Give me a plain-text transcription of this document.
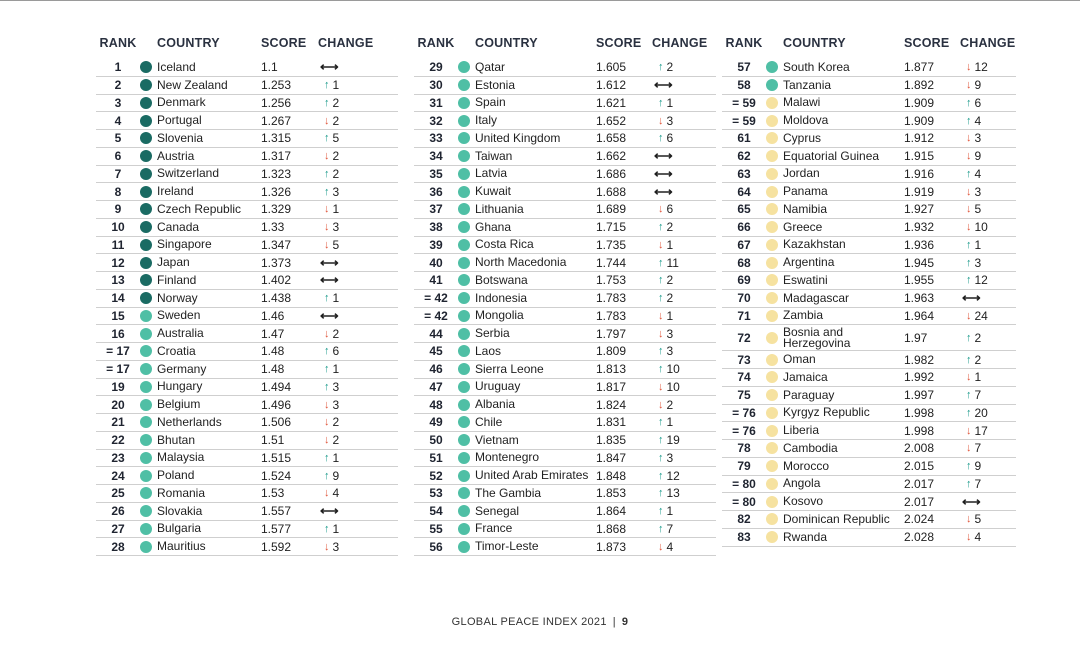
RANK	COUNTRY	SCORE CHANGE
1	Iceland	1.1	⟷
2	New Zealand	1.253	↑ 1
3	Denmark	1.256	↑ 2
4	Portugal	1.267	↓ 2
5	Slovenia	1.315	↑ 5
6	Austria	1.317	↓ 2
7	Switzerland	1.323	↑ 2
8	Ireland	1.326	↑ 3
9	Czech Republic 1.329	↓ 1
10	Canada	1.33	↓ 3
11	Singapore	1.347	↓ 5
12	Japan	1.373	⟷
13	Finland	1.402	⟷
14	Norway	1.438	↑ 1
15	Sweden	1.46	⟷
16	Australia	1.47	↓ 2
= 17	Croatia	1.48	↑ 6
= 17	Germany	1.48	↑ 1
19	Hungary	1.494	↑ 3
20	Belgium	1.496	↓ 3
21	Netherlands	1.506	↓ 2
22	Bhutan	1.51	↓ 2
23	Malaysia	1.515	↑ 1
24	Poland	1.524	↑ 9
25	Romania	1.53	↓ 4
26	Slovakia	1.557	⟷
27	Bulgaria	1.577	↑ 1
28	Mauritius	1.592	↓ 3
RANK	COUNTRY	SCORE CHANGE
29	Qatar	1.605	↑ 2
30	Estonia	1.612	⟷
31	Spain	1.621	↑ 1
32	Italy	1.652	↓ 3
33	United Kingdom	1.658	↑ 6
34	Taiwan	1.662	⟷
35	Latvia	1.686	⟷
36	Kuwait	1.688	⟷
37	Lithuania	1.689	↓ 6
38	Ghana	1.715	↑ 2
39	Costa Rica	1.735	↓ 1
40	North Macedonia 1.744	↑ 11
41	Botswana	1.753	↑ 2
= 42	Indonesia	1.783	↑ 2
= 42	Mongolia	1.783	↓ 1
44	Serbia	1.797	↓ 3
45	Laos	1.809	↑ 3
46	Sierra Leone	1.813	↑ 10
47	Uruguay	1.817	↓ 10
48	Albania	1.824	↓ 2
49	Chile	1.831	↑ 1
50	Vietnam	1.835	↑ 19
51	Montenegro	1.847	↑ 3
52	United Arab Emirates 1.848	↑ 12
53	The Gambia	1.853	↑ 13
54	Senegal	1.864	↑ 1
55	France	1.868	↑ 7
56	Timor-Leste	1.873	↓ 4
RANK	COUNTRY	SCORE CHANGE
57	South Korea	1.877	↓ 12
58	Tanzania	1.892	↓ 9
= 59	Malawi	1.909	↑ 6
= 59	Moldova	1.909	↑ 4
61	Cyprus	1.912	↓ 3
62	Equatorial Guinea 1.915	↓ 9
63	Jordan	1.916	↑ 4
64	Panama	1.919	↓ 3
65	Namibia	1.927	↓ 5
66	Greece	1.932	↓ 10
67	Kazakhstan	1.936	↑ 1
68	Argentina	1.945	↑ 3
69	Eswatini	1.955	↑ 12
70	Madagascar	1.963	⟷
71	Zambia	1.964	↓ 24
72	Bosnia and Herzegovina	1.97	↑ 2
73	Oman	1.982	↑ 2
74	Jamaica	1.992	↓ 1
75	Paraguay	1.997	↑ 7
= 76	Kyrgyz Republic	1.998	↑ 20
= 76	Liberia	1.998	↓ 17
78	Cambodia	2.008	↓ 7
79	Morocco	2.015	↑ 9
= 80	Angola	2.017	↑ 7
= 80	Kosovo	2.017	⟷
82	Dominican Republic 2.024	↓ 5
83	Rwanda	2.028	↓ 4
GLOBAL PEACE INDEX 2021 | 9
